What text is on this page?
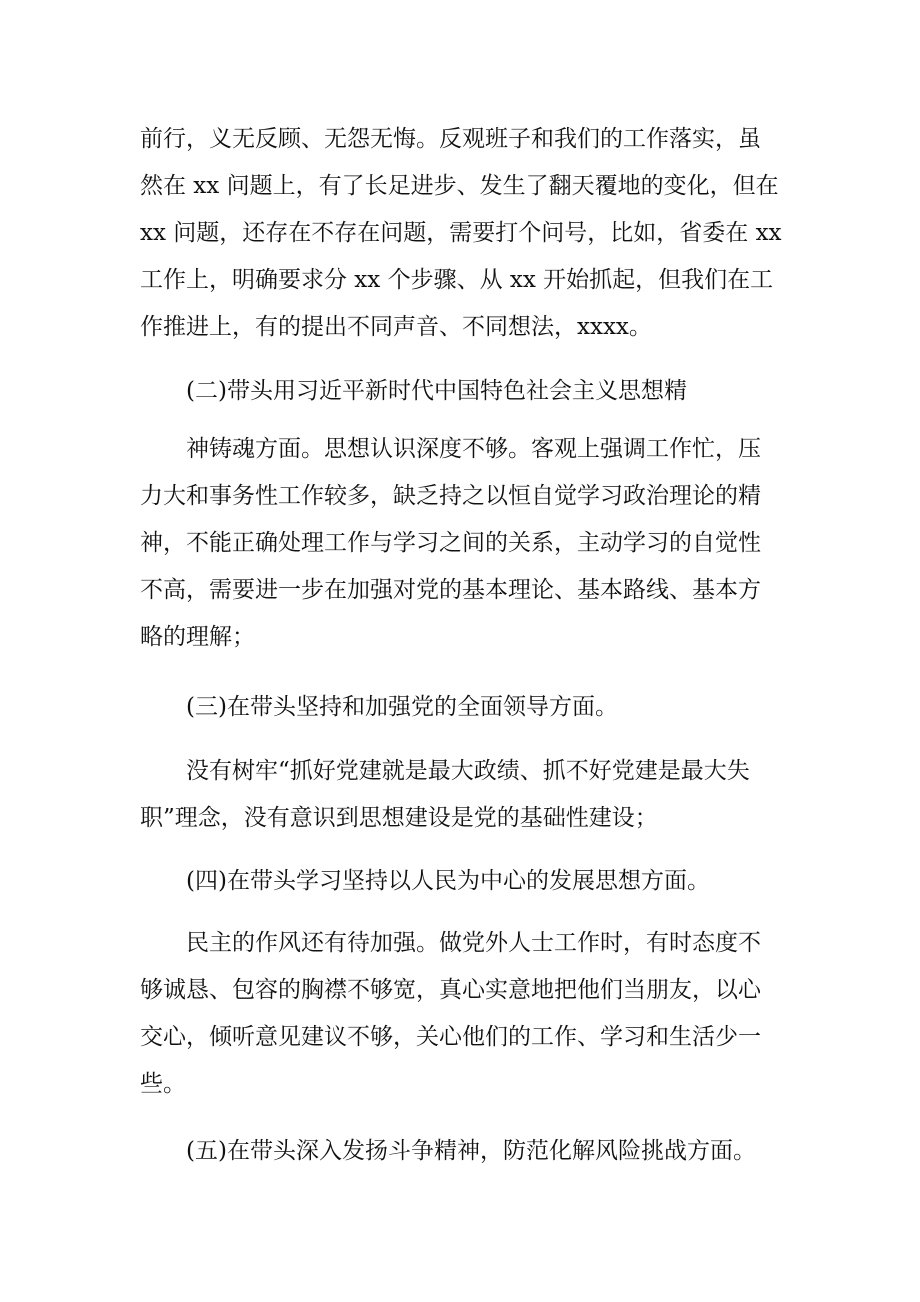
前行，义无反顾、无怨无悔。反观班子和我们的工作落实，虽
然在 xx 问题上，有了长足进步、发生了翻天覆地的变化，但在
xx 问题，还存在不存在问题，需要打个问号，比如，省委在 xx
工作上，明确要求分 xx 个步骤、从 xx 开始抓起，但我们在工
作推进上，有的提出不同声音、不同想法，xxxx。
(二)带头用习近平新时代中国特色社会主义思想精
神铸魂方面。思想认识深度不够。客观上强调工作忙，压
力大和事务性工作较多，缺乏持之以恒自觉学习政治理论的精
神，不能正确处理工作与学习之间的关系，主动学习的自觉性
不高，需要进一步在加强对党的基本理论、基本路线、基本方
略的理解；
(三)在带头坚持和加强党的全面领导方面。
没有树牢“抓好党建就是最大政绩、抓不好党建是最大失
职”理念，没有意识到思想建设是党的基础性建设；
(四)在带头学习坚持以人民为中心的发展思想方面。
民主的作风还有待加强。做党外人士工作时，有时态度不
够诚恳、包容的胸襟不够宽，真心实意地把他们当朋友，以心
交心，倾听意见建议不够，关心他们的工作、学习和生活少一
些。
(五)在带头深入发扬斗争精神，防范化解风险挑战方面。
